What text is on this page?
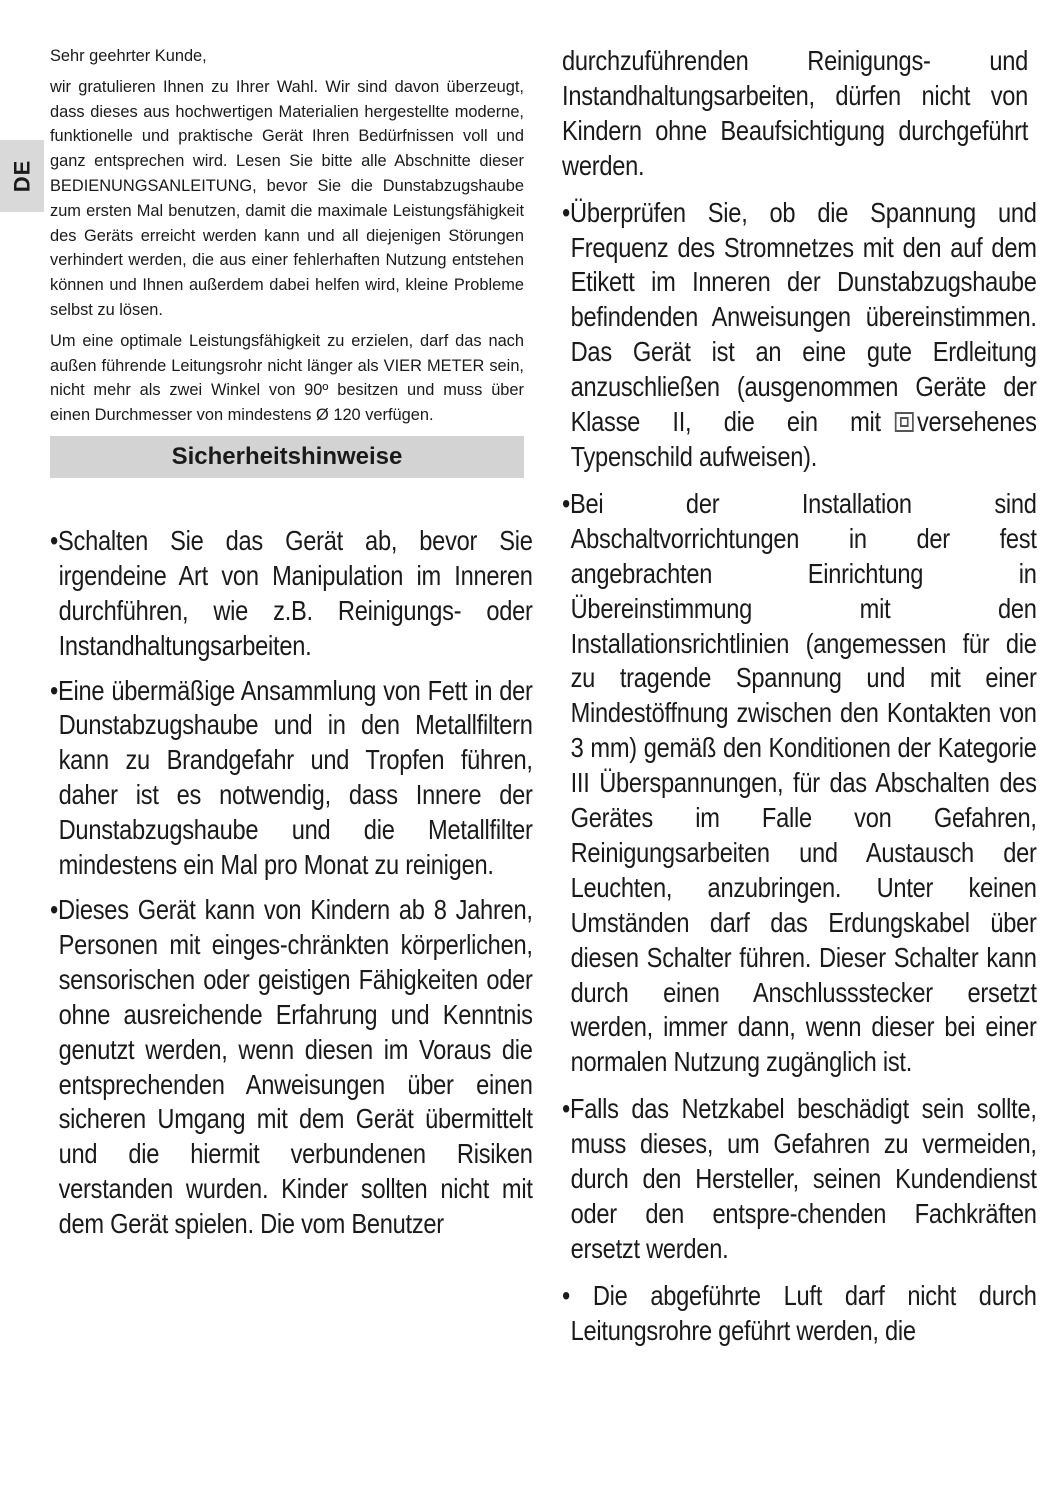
DE

Sehr geehrter Kunde,

wir gratulieren Ihnen zu Ihrer Wahl. Wir sind davon überzeugt, dass dieses aus hochwertigen Materialien hergestellte moderne, funktionelle und praktische Gerät Ihren Bedürfnissen voll und ganz entsprechen wird. Lesen Sie bitte alle Abschnitte dieser BEDIENUNGSANLEITUNG, bevor Sie die Dunstabzugshaube zum ersten Mal benutzen, damit die maximale Leistungsfähigkeit des Geräts erreicht werden kann und all diejenigen Störungen verhindert werden, die aus einer fehlerhaften Nutzung entstehen können und Ihnen außerdem dabei helfen wird, kleine Probleme selbst zu lösen.

Um eine optimale Leistungsfähigkeit zu erzielen, darf das nach außen führende Leitungsrohr nicht länger als VIER METER sein, nicht mehr als zwei Winkel von 90º besitzen und muss über einen Durchmesser von mindestens Ø 120 verfügen.

Sicherheitshinweise

•Schalten Sie das Gerät ab, bevor Sie irgendeine Art von Manipulation im Inneren durchführen, wie z.B. Reinigungs- oder Instandhaltungsarbeiten.

•Eine übermäßige Ansammlung von Fett in der Dunstabzugshaube und in den Metallfiltern kann zu Brandgefahr und Tropfen führen, daher ist es notwendig, dass Innere der Dunstabzugshaube und die Metallfilter mindestens ein Mal pro Monat zu reinigen.

•Dieses Gerät kann von Kindern ab 8 Jahren, Personen mit einges-chränkten körperlichen, sensorischen oder geistigen Fähigkeiten oder ohne ausreichende Erfahrung und Kenntnis genutzt werden, wenn diesen im Voraus die entsprechenden Anweisungen über einen sicheren Umgang mit dem Gerät übermittelt und die hiermit verbundenen Risiken verstanden wurden. Kinder sollten nicht mit dem Gerät spielen. Die vom Benutzer

durchzuführenden Reinigungs- und Instandhaltungsarbeiten, dürfen nicht von Kindern ohne Beaufsichtigung durchgeführt werden.

•Überprüfen Sie, ob die Spannung und Frequenz des Stromnetzes mit den auf dem Etikett im Inneren der Dunstabzugshaube befindenden Anweisungen übereinstimmen. Das Gerät ist an eine gute Erdleitung anzuschließen (ausgenommen Geräte der Klasse II, die ein mit versehenes Typenschild aufweisen).

•Bei der Installation sind Abschaltvorrichtungen in der fest angebrachten Einrichtung in Übereinstimmung mit den Installationsrichtlinien (angemessen für die zu tragende Spannung und mit einer Mindestöffnung zwischen den Kontakten von 3 mm) gemäß den Konditionen der Kategorie III Überspannungen, für das Abschalten des Gerätes im Falle von Gefahren, Reinigungsarbeiten und Austausch der Leuchten, anzubringen. Unter keinen Umständen darf das Erdungskabel über diesen Schalter führen. Dieser Schalter kann durch einen Anschlussstecker ersetzt werden, immer dann, wenn dieser bei einer normalen Nutzung zugänglich ist.

•Falls das Netzkabel beschädigt sein sollte, muss dieses, um Gefahren zu vermeiden, durch den Hersteller, seinen Kundendienst oder den entspre-chenden Fachkräften ersetzt werden.

• Die abgeführte Luft darf nicht durch Leitungsrohre geführt werden, die
